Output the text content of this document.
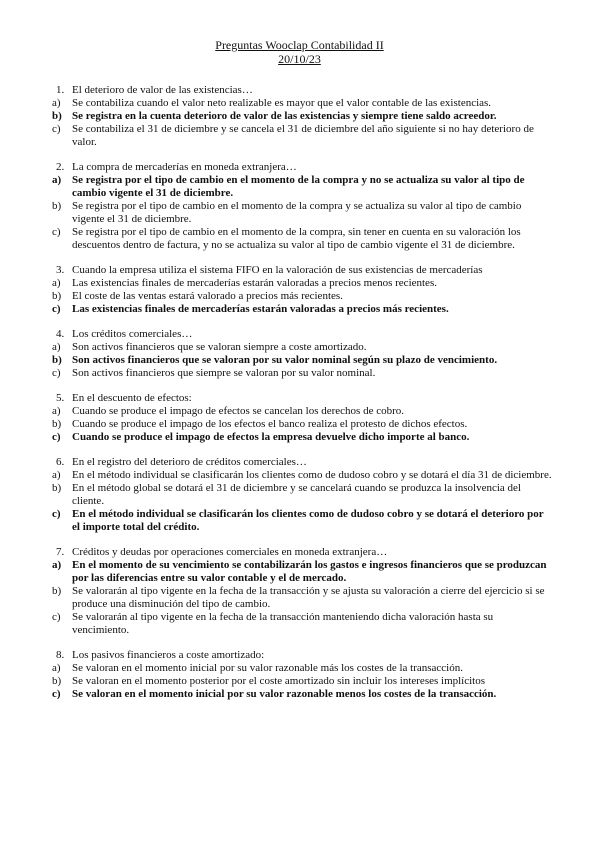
Preguntas Wooclap Contabilidad II
20/10/23
1. El deterioro de valor de las existencias…
a)	Se contabiliza cuando el valor neto realizable es mayor que el valor contable de las existencias.
b) Se registra en la cuenta deterioro de valor de las existencias y siempre tiene saldo acreedor.
c)	Se contabiliza el 31 de diciembre y se cancela el 31 de diciembre del año siguiente si no hay deterioro de valor.
2. La compra de mercaderías en moneda extranjera…
a) Se registra por el tipo de cambio en el momento de la compra y no se actualiza su valor al tipo de cambio vigente el 31 de diciembre.
b) Se registra por el tipo de cambio en el momento de la compra y se actualiza su valor al tipo de cambio vigente el 31 de diciembre.
c)	Se registra por el tipo de cambio en el momento de la compra, sin tener en cuenta en su valoración los descuentos dentro de factura, y no se actualiza su valor al tipo de cambio vigente el 31 de diciembre.
3. Cuando la empresa utiliza el sistema FIFO en la valoración de sus existencias de mercaderías
a)	Las existencias finales de mercaderías estarán valoradas a precios menos recientes.
b) El coste de las ventas estará valorado a precios más recientes.
c)	Las existencias finales de mercaderías estarán valoradas a precios más recientes.
4. Los créditos comerciales…
a)	Son activos financieros que se valoran siempre a coste amortizado.
b) Son activos financieros que se valoran por su valor nominal según su plazo de vencimiento.
c)	Son activos financieros que siempre se valoran por su valor nominal.
5. En el descuento de efectos:
a)	Cuando se produce el impago de efectos se cancelan los derechos de cobro.
b) Cuando se produce el impago de los efectos el banco realiza el protesto de dichos efectos.
c)	Cuando se produce el impago de efectos la empresa devuelve dicho importe al banco.
6. En el registro del deterioro de créditos comerciales…
a)	En el método individual se clasificarán los clientes como de dudoso cobro y se dotará el día 31 de diciembre.
b) En el método global se dotará el 31 de diciembre y se cancelará cuando se produzca la insolvencia del cliente.
c)	En el método individual se clasificarán los clientes como de dudoso cobro y se dotará el deterioro por el importe total del crédito.
7. Créditos y deudas por operaciones comerciales en moneda extranjera…
a) En el momento de su vencimiento se contabilizarán los gastos e ingresos financieros que se produzcan por las diferencias entre su valor contable y el de mercado.
b) Se valorarán al tipo vigente en la fecha de la transacción y se ajusta su valoración a cierre del ejercicio si se produce una disminución del tipo de cambio.
c)	Se valorarán al tipo vigente en la fecha de la transacción manteniendo dicha valoración hasta su vencimiento.
8. Los pasivos financieros a coste amortizado:
a)	Se valoran en el momento inicial por su valor razonable más los costes de la transacción.
b) Se valoran en el momento posterior por el coste amortizado sin incluir los intereses implícitos
c)	Se valoran en el momento inicial por su valor razonable menos los costes de la transacción.
